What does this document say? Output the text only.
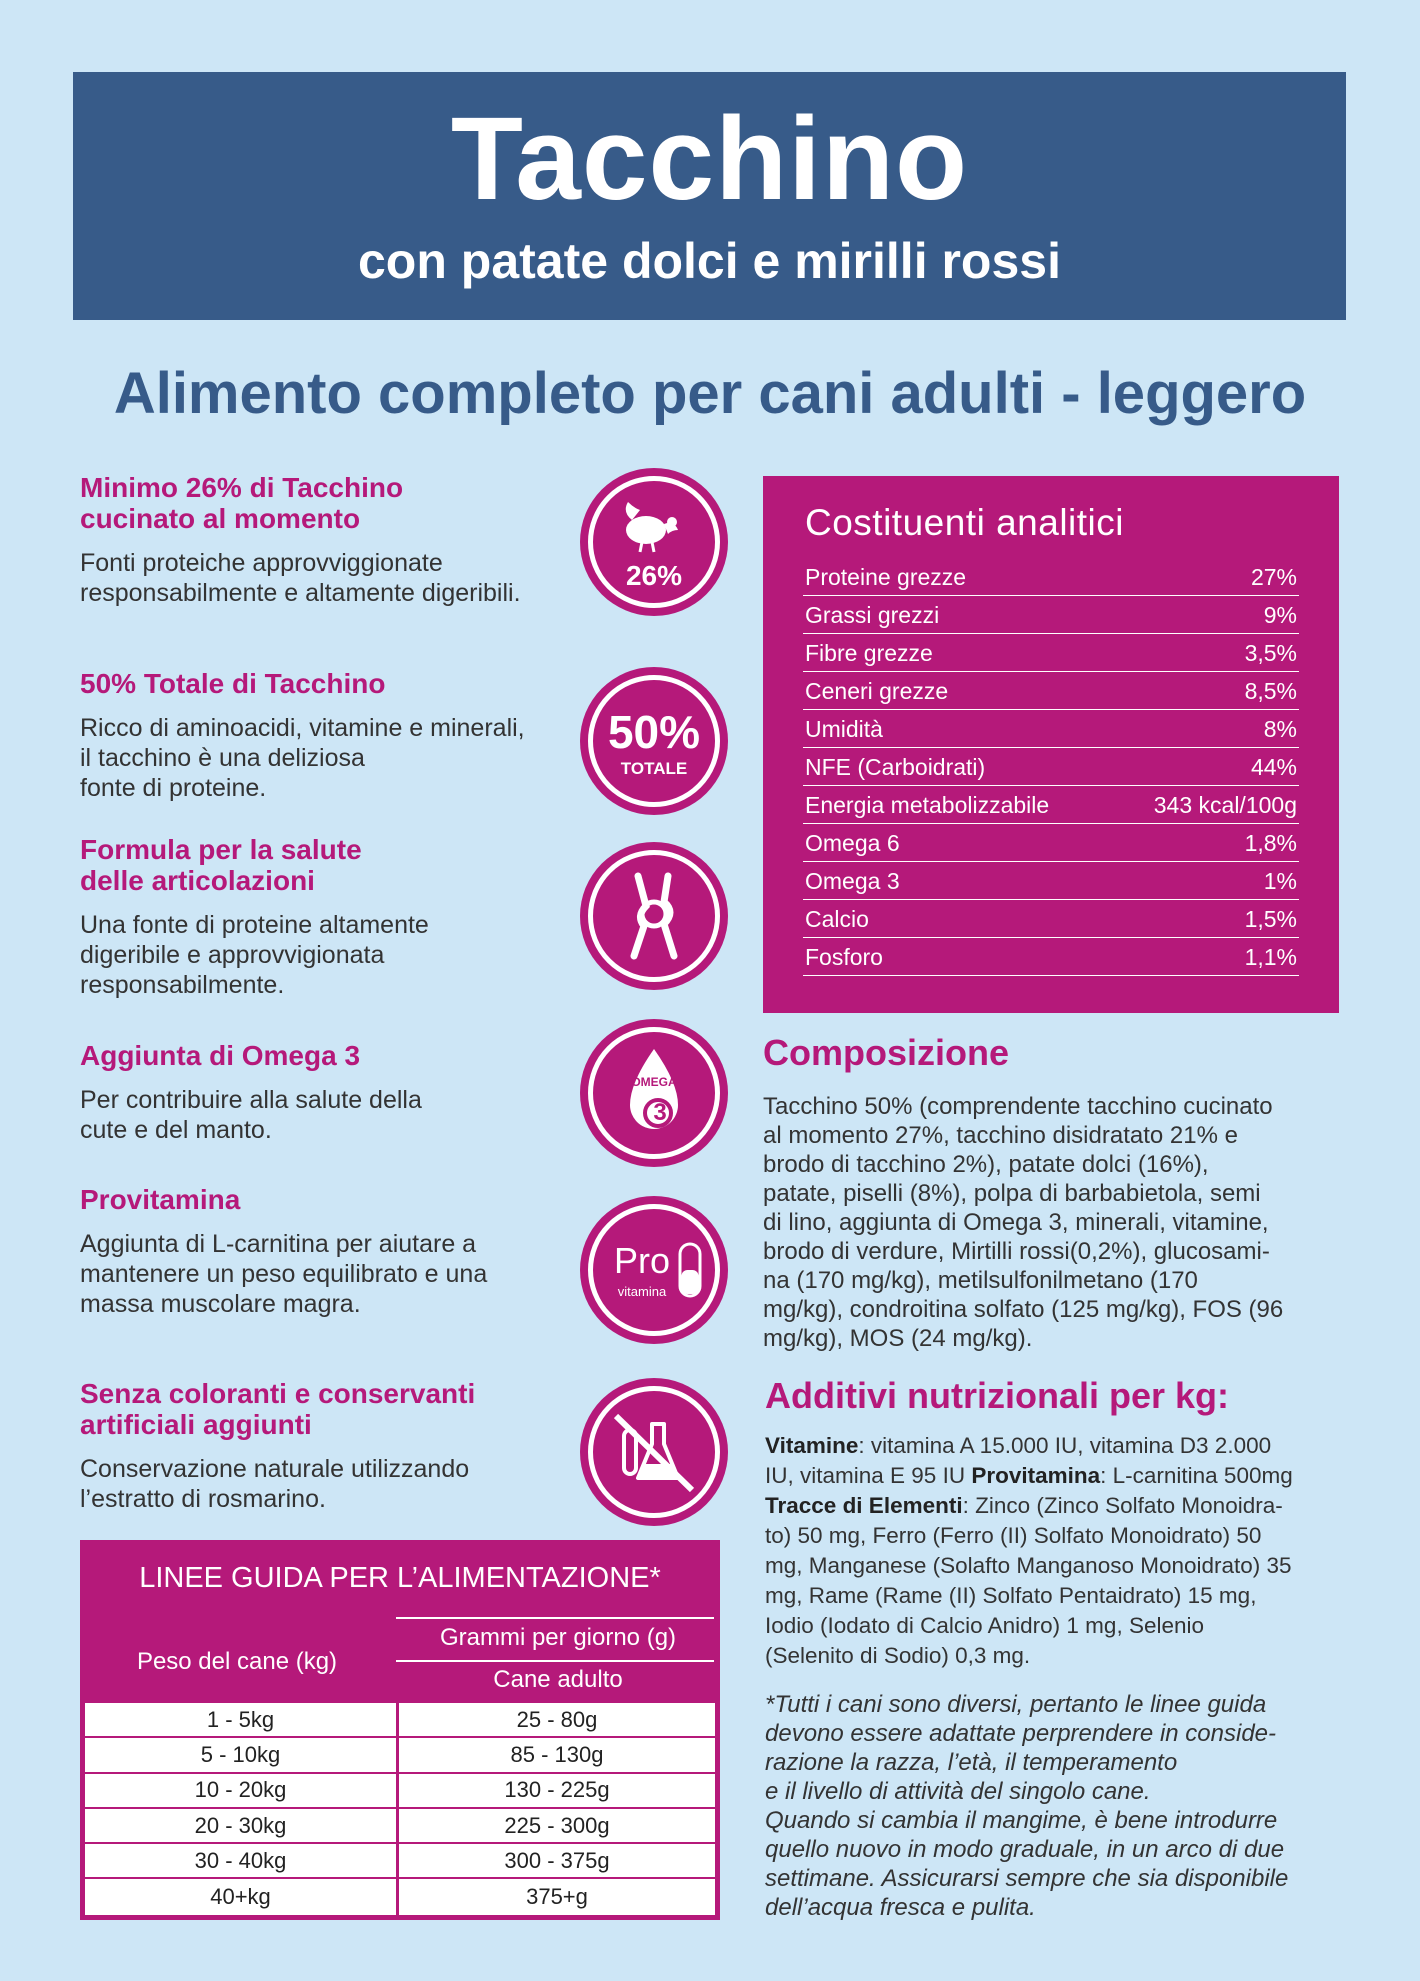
Tacchino
con patate dolci e mirilli rossi
Alimento completo per cani adulti - leggero
Minimo 26% di Tacchino
cucinato al momento

Fonti proteiche approvviggionate
responsabilmente e altamente digeribili.

50% Totale di Tacchino

Ricco di aminoacidi, vitamine e minerali,
il tacchino è una deliziosa
fonte di proteine.

Formula per la salute
delle articolazioni

Una fonte di proteine altamente
digeribile e approvvigionata
responsabilmente.

Aggiunta di Omega 3

Per contribuire alla salute della
cute e del manto.

Provitamina

Aggiunta di L-carnitina per aiutare a
mantenere un peso equilibrato e una
massa muscolare magra.

Senza coloranti e conservanti
artificiali aggiunti

Conservazione naturale utilizzando
l’estratto di rosmarino.

26%
50%
TOTALE
OMEGA
3
Pro
vitamina
Costituenti analitici
Proteine grezze	27%
Grassi grezzi	9%
Fibre grezze	3,5%
Ceneri grezze	8,5%
Umidità	8%
NFE (Carboidrati)	44%
Energia metabolizzabile	343 kcal/100g
Omega 6	1,8%
Omega 3	1%
Calcio	1,5%
Fosforo	1,1%
Composizione

Tacchino 50% (comprendente tacchino cucinato
al momento 27%, tacchino disidratato 21% e
brodo di tacchino 2%), patate dolci (16%),
patate, piselli (8%), polpa di barbabietola, semi
di lino, aggiunta di Omega 3, minerali, vitamine,
brodo di verdure, Mirtilli rossi(0,2%), glucosami-
na (170 mg/kg), metilsulfonilmetano (170
mg/kg), condroitina solfato (125 mg/kg), FOS (96
mg/kg), MOS (24 mg/kg).

Additivi nutrizionali per kg:

Vitamine: vitamina A 15.000 IU, vitamina D3 2.000
IU, vitamina E 95 IU Provitamina: L-carnitina 500mg
Tracce di Elementi: Zinco (Zinco Solfato Monoidra-
to) 50 mg, Ferro (Ferro (II) Solfato Monoidrato) 50
mg, Manganese (Solafto Manganoso Monoidrato) 35
mg, Rame (Rame (II) Solfato Pentaidrato) 15 mg,
Iodio (Iodato di Calcio Anidro) 1 mg, Selenio
(Selenito di Sodio) 0,3 mg.

*Tutti i cani sono diversi, pertanto le linee guida
devono essere adattate perprendere in conside-
razione la razza, l’età, il temperamento
e il livello di attività del singolo cane.
Quando si cambia il mangime, è bene introdurre
quello nuovo in modo graduale, in un arco di due
settimane. Assicurarsi sempre che sia disponibile
dell’acqua fresca e pulita.
LINEE GUIDA PER L’ALIMENTAZIONE*
Peso del cane (kg)
Grammi per giorno (g)
Cane adulto
1 - 5kg	25 - 80g
5 - 10kg	85 - 130g
10 - 20kg	130 - 225g
20 - 30kg	225 - 300g
30 - 40kg	300 - 375g
40+kg	375+g
